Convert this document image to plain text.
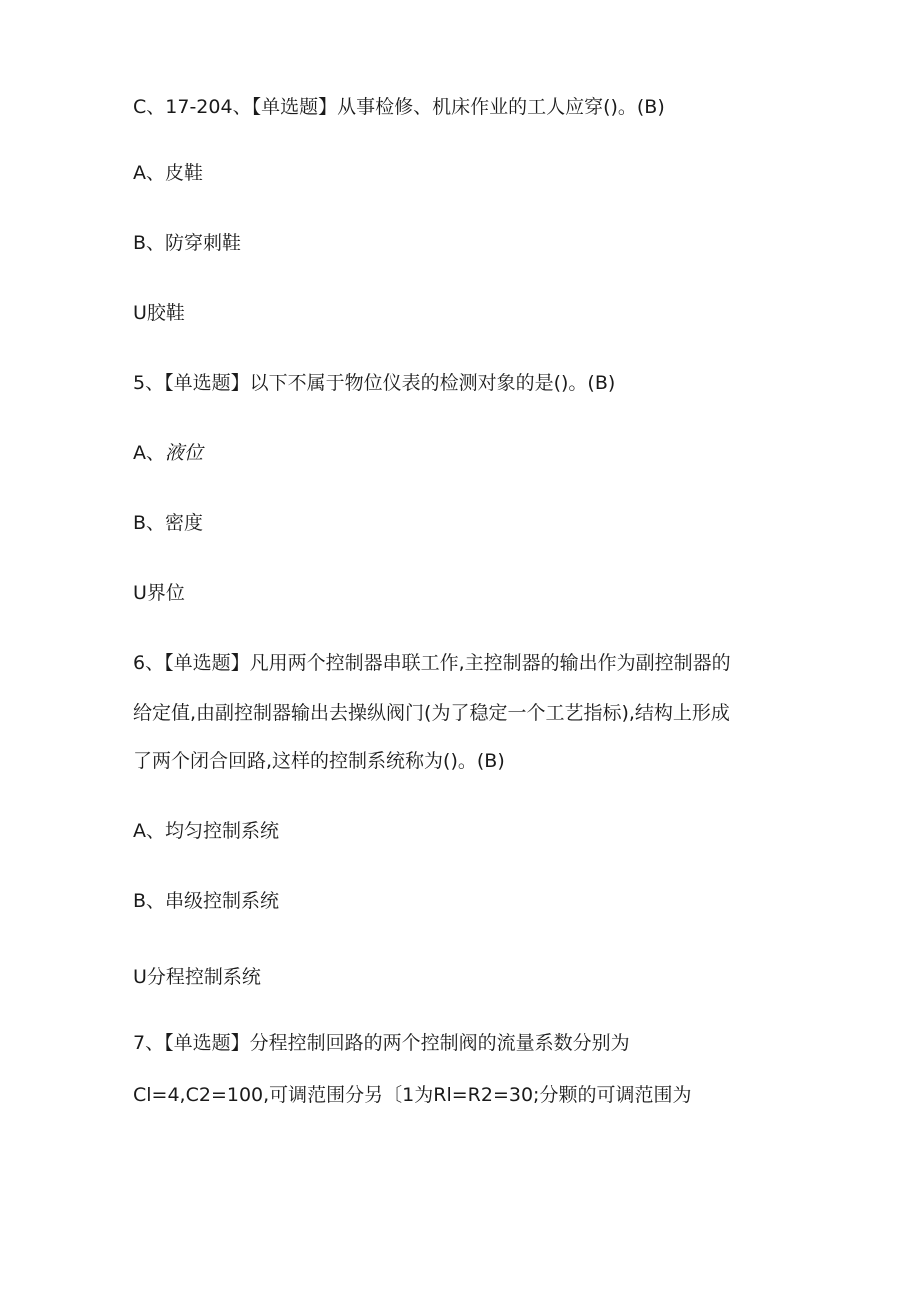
C、17-204、【单选题】从事检修、机床作业的工人应穿()。(B)
A、皮鞋
B、防穿刺鞋
U胶鞋
5、【单选题】以下不属于物位仪表的检测对象的是()。(B)
A、液位
B、密度
U界位
6、【单选题】凡用两个控制器串联工作,主控制器的输出作为副控制器的
给定值,由副控制器输出去操纵阀门(为了稳定一个工艺指标),结构上形成
了两个闭合回路,这样的控制系统称为()。(B)
A、均匀控制系统
B、串级控制系统
U分程控制系统
7、【单选题】分程控制回路的两个控制阀的流量系数分别为
Cl=4,C2=100,可调范围分另〔1为Rl=R2=30;分颗的可调范围为
